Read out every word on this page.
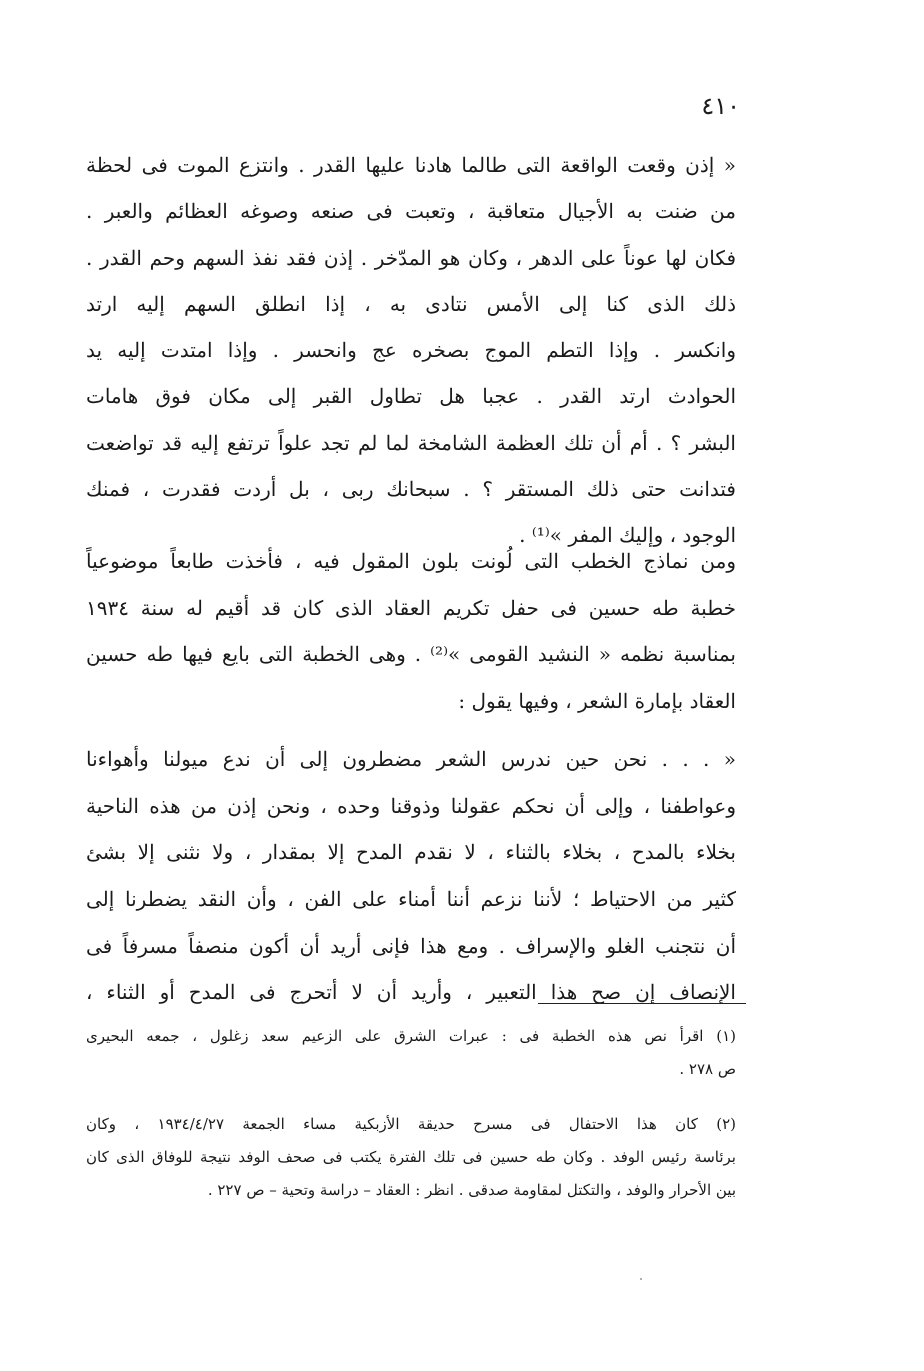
٤١٠
« إذن وقعت الواقعة التى طالما هادنا عليها القدر . وانتزع الموت فى لحظة
من ضنت به الأجيال متعاقبة ، وتعبت فى صنعه وصوغه العظائم والعبر .
فكان لها عوناً على الدهر ، وكان هو المدّخر . إذن فقد نفذ السهم وحم القدر .
ذلك الذى كنا إلى الأمس نتادى به ، إذا انطلق السهم إليه ارتد
وانكسر . وإذا التطم الموج بصخره عج وانحسر . وإذا امتدت إليه يد
الحوادث ارتد القدر . عجبا هل تطاول القبر إلى مكان فوق هامات
البشر ؟ . أم أن تلك العظمة الشامخة لما لم تجد علواً ترتفع إليه قد تواضعت
فتدانت حتى ذلك المستقر ؟ . سبحانك ربى ، بل أردت فقدرت ، فمنك
الوجود ، وإليك المفر »⁽¹⁾ .
ومن نماذج الخطب التى لُونت بلون المقول فيه ، فأخذت طابعاً موضوعياً
خطبة طه حسين فى حفل تكريم العقاد الذى كان قد أقيم له سنة ١٩٣٤
بمناسبة نظمه « النشيد القومى »⁽²⁾ . وهى الخطبة التى بايع فيها طه حسين
العقاد بإمارة الشعر ، وفيها يقول :
« . . . نحن حين ندرس الشعر مضطرون إلى أن ندع ميولنا وأهواءنا
وعواطفنا ، وإلى أن نحكم عقولنا وذوقنا وحده ، ونحن إذن من هذه الناحية
بخلاء بالمدح ، بخلاء بالثناء ، لا نقدم المدح إلا بمقدار ، ولا نثنى إلا بشئ
كثير من الاحتياط ؛ لأننا نزعم أننا أمناء على الفن ، وأن النقد يضطرنا إلى
أن نتجنب الغلو والإسراف . ومع هذا فإنى أريد أن أكون منصفاً مسرفاً فى
الإنصاف إن صح هذا التعبير ، وأريد أن لا أتحرج فى المدح أو الثناء ،
(١) اقرأ نص هذه الخطبة فى : عبرات الشرق على الزعيم سعد زغلول ، جمعه البحيرى
ص ٢٧٨ .
(٢) كان هذا الاحتفال فى مسرح حديقة الأزبكية مساء الجمعة ١٩٣٤/٤/٢٧ ، وكان
برئاسة رئيس الوفد . وكان طه حسين فى تلك الفترة يكتب فى صحف الوفد نتيجة للوفاق الذى كان
بين الأحرار والوفد ، والتكتل لمقاومة صدقى . انظر : العقاد – دراسة وتحية – ص ٢٢٧ .
